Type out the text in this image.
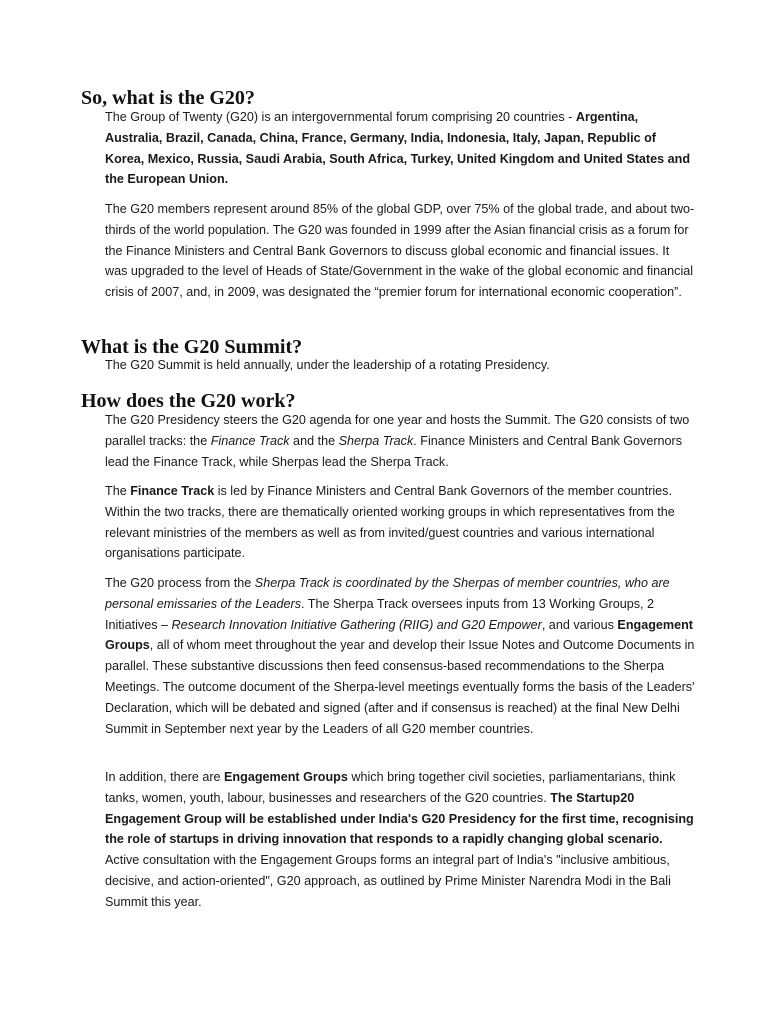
So, what is the G20?

The Group of Twenty (G20) is an intergovernmental forum comprising 20 countries - Argentina, Australia, Brazil, Canada, China, France, Germany, India, Indonesia, Italy, Japan, Republic of Korea, Mexico, Russia, Saudi Arabia, South Africa, Turkey, United Kingdom and United States and the European Union.

The G20 members represent around 85% of the global GDP, over 75% of the global trade, and about two-thirds of the world population. The G20 was founded in 1999 after the Asian financial crisis as a forum for the Finance Ministers and Central Bank Governors to discuss global economic and financial issues. It was upgraded to the level of Heads of State/Government in the wake of the global economic and financial crisis of 2007, and, in 2009, was designated the “premier forum for international economic cooperation”.

What is the G20 Summit?

The G20 Summit is held annually, under the leadership of a rotating Presidency.

How does the G20 work?

The G20 Presidency steers the G20 agenda for one year and hosts the Summit. The G20 consists of two parallel tracks: the Finance Track and the Sherpa Track. Finance Ministers and Central Bank Governors lead the Finance Track, while Sherpas lead the Sherpa Track.

The Finance Track is led by Finance Ministers and Central Bank Governors of the member countries. Within the two tracks, there are thematically oriented working groups in which representatives from the relevant ministries of the members as well as from invited/guest countries and various international organisations participate.

The G20 process from the Sherpa Track is coordinated by the Sherpas of member countries, who are personal emissaries of the Leaders. The Sherpa Track oversees inputs from 13 Working Groups, 2 Initiatives – Research Innovation Initiative Gathering (RIIG) and G20 Empower, and various Engagement Groups, all of whom meet throughout the year and develop their Issue Notes and Outcome Documents in parallel. These substantive discussions then feed consensus-based recommendations to the Sherpa Meetings. The outcome document of the Sherpa-level meetings eventually forms the basis of the Leaders' Declaration, which will be debated and signed (after and if consensus is reached) at the final New Delhi Summit in September next year by the Leaders of all G20 member countries.

In addition, there are Engagement Groups which bring together civil societies, parliamentarians, think tanks, women, youth, labour, businesses and researchers of the G20 countries. The Startup20 Engagement Group will be established under India's G20 Presidency for the first time, recognising the role of startups in driving innovation that responds to a rapidly changing global scenario. Active consultation with the Engagement Groups forms an integral part of India's "inclusive ambitious, decisive, and action-oriented", G20 approach, as outlined by Prime Minister Narendra Modi in the Bali Summit this year.
